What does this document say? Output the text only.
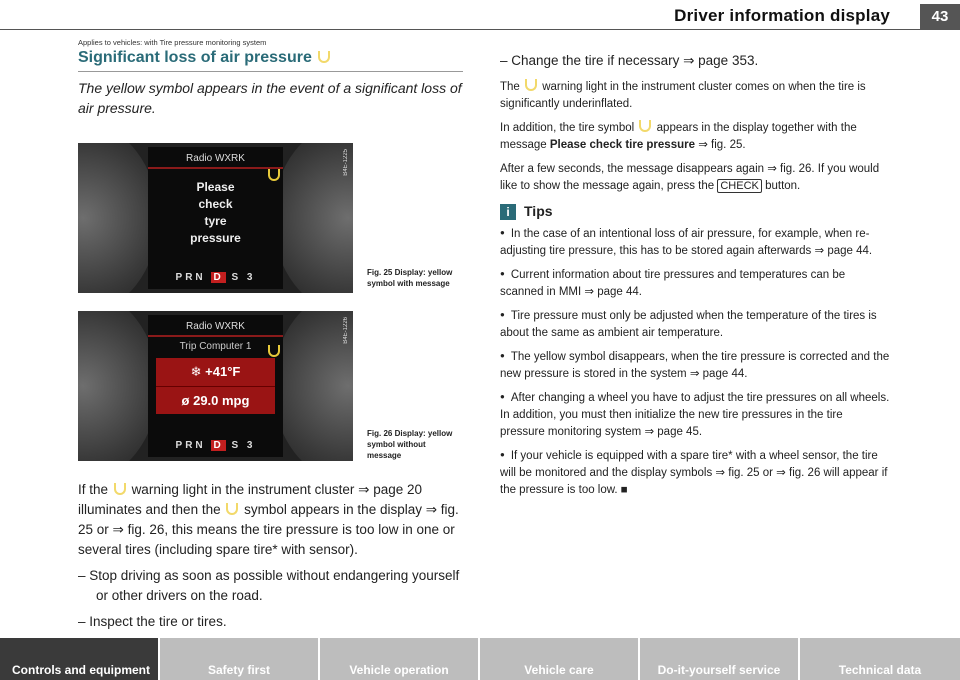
Driver information display	43
Applies to vehicles: with Tire pressure monitoring system
Significant loss of air pressure
The yellow symbol appears in the event of a significant loss of air pressure.
Radio WXRK
Please
check
tyre
pressure
PRN D S 3
B4E-1225
Fig. 25 Display: yellow symbol with message
Radio WXRK
Trip Computer 1
❄ +41°F
ø 29.0 mpg
PRN D S 3
B4E-1226
Fig. 26 Display: yellow symbol without message

If the warning light in the instrument cluster ⇒ page 20 illuminates and then the symbol appears in the display ⇒ fig. 25 or ⇒ fig. 26, this means the tire pressure is too low in one or several tires (including spare tire* with sensor).

– Stop driving as soon as possible without endangering yourself or other drivers on the road.

– Inspect the tire or tires.

– Change the tire if necessary ⇒ page 353.

The warning light in the instrument cluster comes on when the tire is significantly underinflated.

In addition, the tire symbol appears in the display together with the message Please check tire pressure ⇒ fig. 25.

After a few seconds, the message disappears again ⇒ fig. 26. If you would like to show the message again, press the CHECK button.

i	Tips
● In the case of an intentional loss of air pressure, for example, when re-adjusting tire pressure, this has to be stored again afterwards ⇒ page 44.
● Current information about tire pressures and temperatures can be scanned in MMI ⇒ page 44.
● Tire pressure must only be adjusted when the temperature of the tires is about the same as ambient air temperature.
● The yellow symbol disappears, when the tire pressure is corrected and the new pressure is stored in the system ⇒ page 44.
● After changing a wheel you have to adjust the tire pressures on all wheels. In addition, you must then initialize the new tire pressures in the tire pressure monitoring system ⇒ page 45.
● If your vehicle is equipped with a spare tire* with a wheel sensor, the tire will be monitored and the display symbols ⇒ fig. 25 or ⇒ fig. 26 will appear if the pressure is too low. ■
Controls and equipment	Safety first	Vehicle operation	Vehicle care	Do-it-yourself service	Technical data
